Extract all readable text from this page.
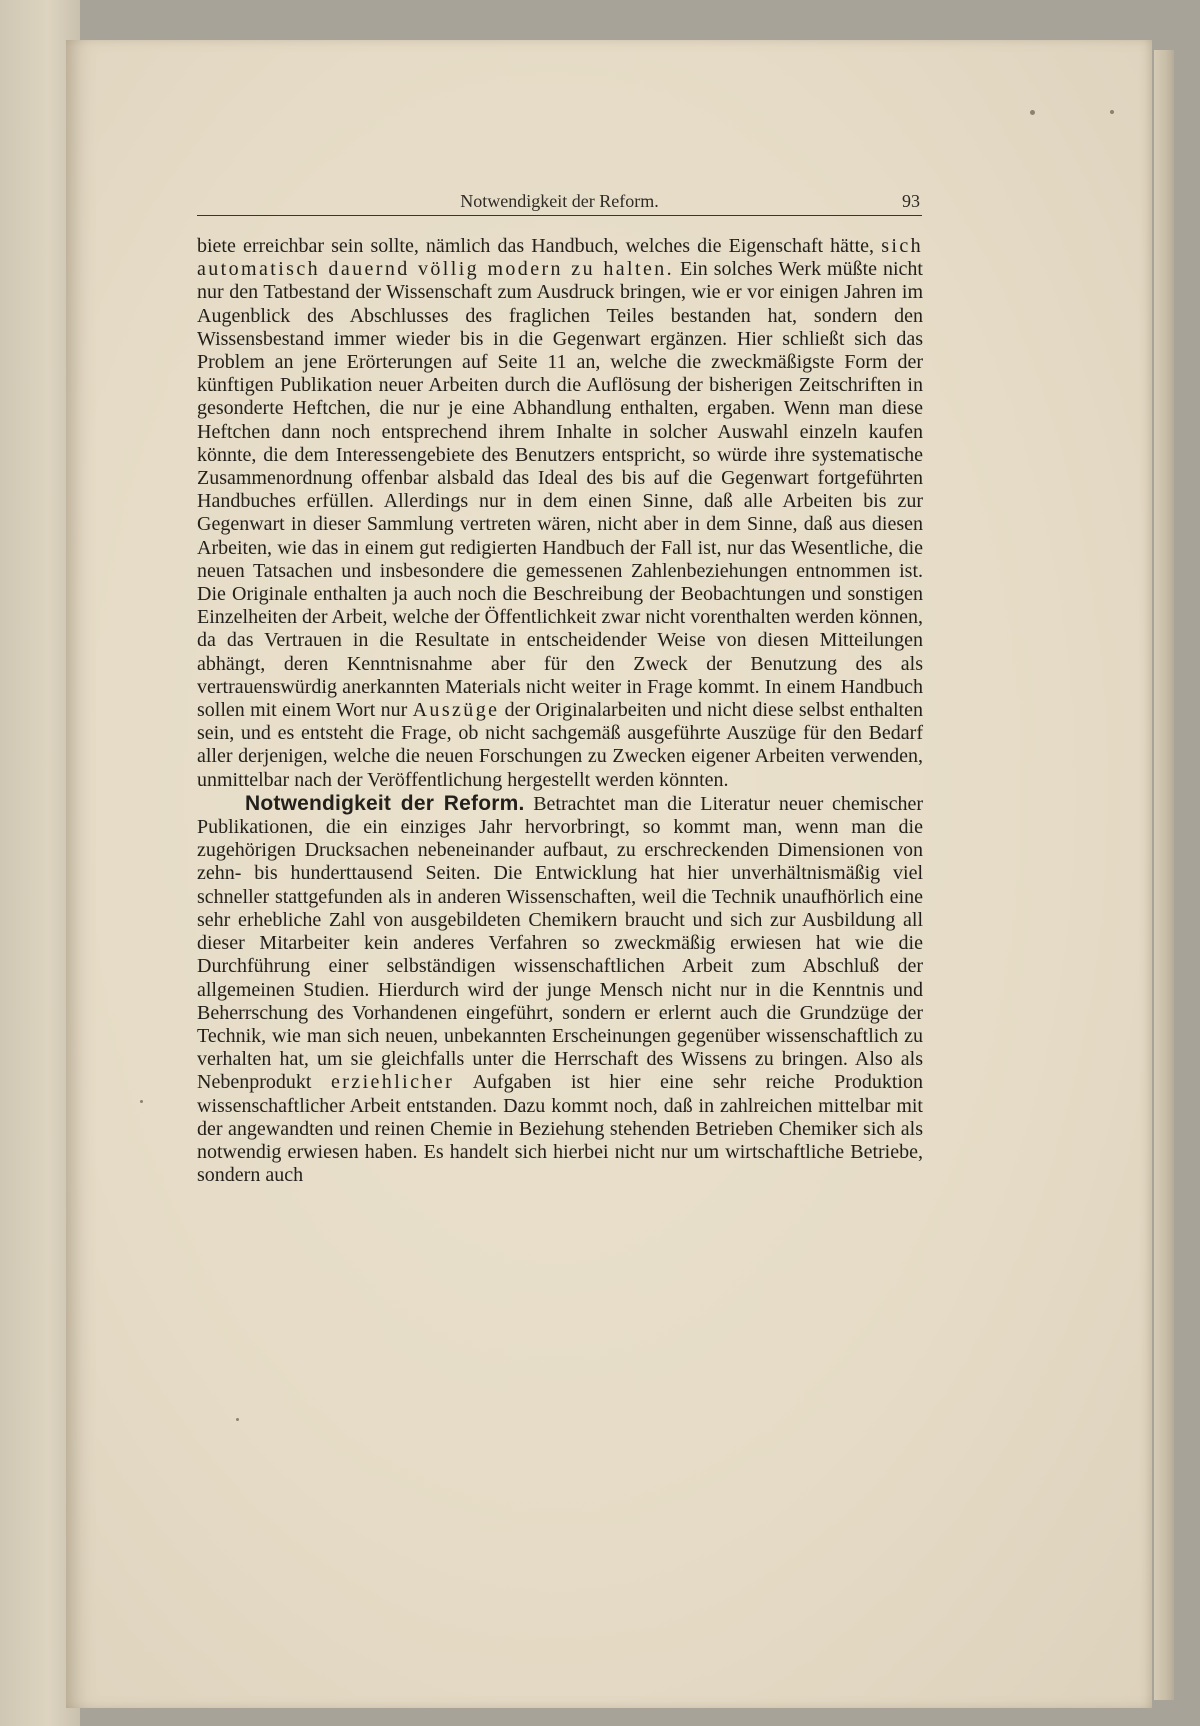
Notwendigkeit der Reform.	93

biete erreichbar sein sollte, nämlich das Handbuch, welches die Eigenschaft hätte, sich automatisch dauernd völlig modern zu halten. Ein solches Werk müßte nicht nur den Tatbestand der Wissenschaft zum Ausdruck bringen, wie er vor einigen Jahren im Augenblick des Abschlusses des fraglichen Teiles bestanden hat, sondern den Wissensbestand immer wieder bis in die Gegenwart ergänzen. Hier schließt sich das Problem an jene Erörterungen auf Seite 11 an, welche die zweckmäßigste Form der künftigen Publikation neuer Arbeiten durch die Auflösung der bisherigen Zeitschriften in gesonderte Heftchen, die nur je eine Abhandlung enthalten, ergaben. Wenn man diese Heftchen dann noch entsprechend ihrem Inhalte in solcher Auswahl einzeln kaufen könnte, die dem Interessengebiete des Benutzers entspricht, so würde ihre systematische Zusammenordnung offenbar alsbald das Ideal des bis auf die Gegenwart fortgeführten Handbuches erfüllen. Allerdings nur in dem einen Sinne, daß alle Arbeiten bis zur Gegenwart in dieser Sammlung vertreten wären, nicht aber in dem Sinne, daß aus diesen Arbeiten, wie das in einem gut redigierten Handbuch der Fall ist, nur das Wesentliche, die neuen Tatsachen und insbesondere die gemessenen Zahlenbeziehungen entnommen ist. Die Originale enthalten ja auch noch die Beschreibung der Beobachtungen und sonstigen Einzelheiten der Arbeit, welche der Öffentlichkeit zwar nicht vorenthalten werden können, da das Vertrauen in die Resultate in entscheidender Weise von diesen Mitteilungen abhängt, deren Kenntnisnahme aber für den Zweck der Benutzung des als vertrauenswürdig anerkannten Materials nicht weiter in Frage kommt. In einem Handbuch sollen mit einem Wort nur Auszüge der Originalarbeiten und nicht diese selbst enthalten sein, und es entsteht die Frage, ob nicht sachgemäß ausgeführte Auszüge für den Bedarf aller derjenigen, welche die neuen Forschungen zu Zwecken eigener Arbeiten verwenden, unmittelbar nach der Veröffentlichung hergestellt werden könnten.

Notwendigkeit der Reform. Betrachtet man die Literatur neuer chemischer Publikationen, die ein einziges Jahr hervorbringt, so kommt man, wenn man die zugehörigen Drucksachen nebeneinander aufbaut, zu erschreckenden Dimensionen von zehn- bis hunderttausend Seiten. Die Entwicklung hat hier unverhältnismäßig viel schneller stattgefunden als in anderen Wissenschaften, weil die Technik unaufhörlich eine sehr erhebliche Zahl von ausgebildeten Chemikern braucht und sich zur Ausbildung all dieser Mitarbeiter kein anderes Verfahren so zweckmäßig erwiesen hat wie die Durchführung einer selbständigen wissenschaftlichen Arbeit zum Abschluß der allgemeinen Studien. Hierdurch wird der junge Mensch nicht nur in die Kenntnis und Beherrschung des Vorhandenen eingeführt, sondern er erlernt auch die Grundzüge der Technik, wie man sich neuen, unbekannten Erscheinungen gegenüber wissenschaftlich zu verhalten hat, um sie gleichfalls unter die Herrschaft des Wissens zu bringen. Also als Nebenprodukt erziehlicher Aufgaben ist hier eine sehr reiche Produktion wissenschaftlicher Arbeit entstanden. Dazu kommt noch, daß in zahlreichen mittelbar mit der angewandten und reinen Chemie in Beziehung stehenden Betrieben Chemiker sich als notwendig erwiesen haben. Es handelt sich hierbei nicht nur um wirtschaftliche Betriebe, sondern auch
